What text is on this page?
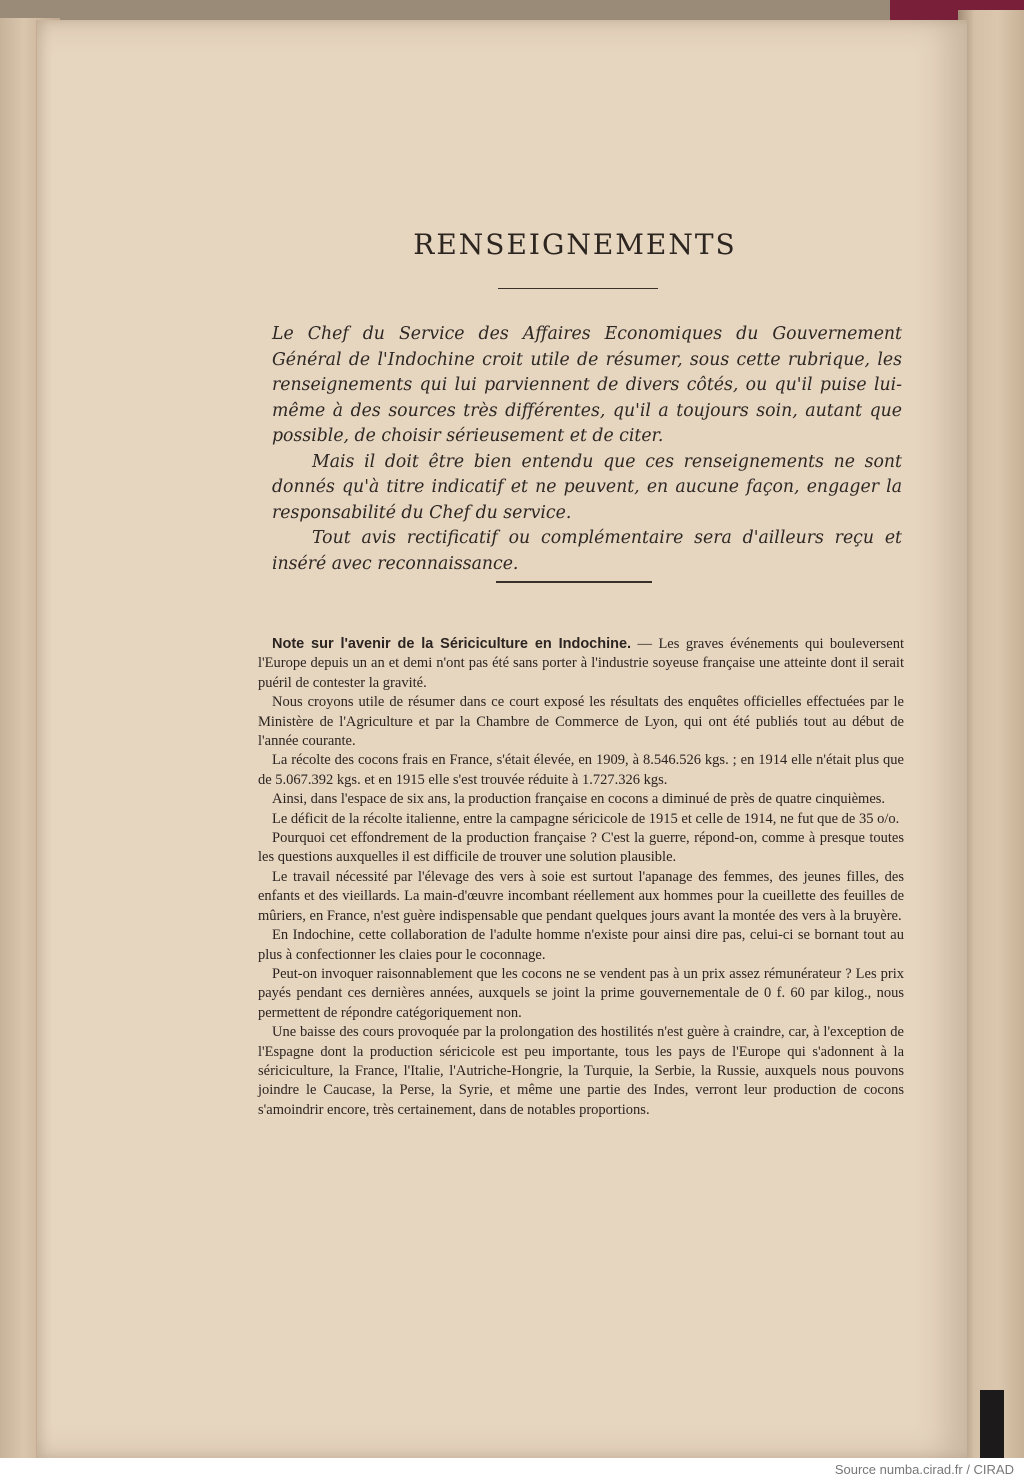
RENSEIGNEMENTS

Le Chef du Service des Affaires Economiques du Gouvernement Général de l'Indochine croit utile de résumer, sous cette rubrique, les renseignements qui lui parviennent de divers côtés, ou qu'il puise lui-même à des sources très différentes, qu'il a toujours soin, autant que possible, de choisir sérieusement et de citer.

Mais il doit être bien entendu que ces renseignements ne sont donnés qu'à titre indicatif et ne peuvent, en aucune façon, engager la responsabilité du Chef du service.

Tout avis rectificatif ou complémentaire sera d'ailleurs reçu et inséré avec reconnaissance.

Note sur l'avenir de la Sériciculture en Indochine. — Les graves événements qui bouleversent l'Europe depuis un an et demi n'ont pas été sans porter à l'industrie soyeuse française une atteinte dont il serait puéril de contester la gravité.

Nous croyons utile de résumer dans ce court exposé les résultats des enquêtes officielles effectuées par le Ministère de l'Agriculture et par la Chambre de Commerce de Lyon, qui ont été publiés tout au début de l'année courante.

La récolte des cocons frais en France, s'était élevée, en 1909, à 8.546.526 kgs. ; en 1914 elle n'était plus que de 5.067.392 kgs. et en 1915 elle s'est trouvée réduite à 1.727.326 kgs.

Ainsi, dans l'espace de six ans, la production française en cocons a diminué de près de quatre cinquièmes.

Le déficit de la récolte italienne, entre la campagne séricicole de 1915 et celle de 1914, ne fut que de 35 o/o.

Pourquoi cet effondrement de la production française ? C'est la guerre, répond-on, comme à presque toutes les questions auxquelles il est difficile de trouver une solution plausible.

Le travail nécessité par l'élevage des vers à soie est surtout l'apanage des femmes, des jeunes filles, des enfants et des vieillards. La main-d'œuvre incombant réellement aux hommes pour la cueillette des feuilles de mûriers, en France, n'est guère indispensable que pendant quelques jours avant la montée des vers à la bruyère.

En Indochine, cette collaboration de l'adulte homme n'existe pour ainsi dire pas, celui-ci se bornant tout au plus à confectionner les claies pour le coconnage.

Peut-on invoquer raisonnablement que les cocons ne se vendent pas à un prix assez rémunérateur ? Les prix payés pendant ces dernières années, auxquels se joint la prime gouvernementale de 0 f. 60 par kilog., nous permettent de répondre catégoriquement non.

Une baisse des cours provoquée par la prolongation des hostilités n'est guère à craindre, car, à l'exception de l'Espagne dont la production séricicole est peu importante, tous les pays de l'Europe qui s'adonnent à la sériciculture, la France, l'Italie, l'Autriche-Hongrie, la Turquie, la Serbie, la Russie, auxquels nous pouvons joindre le Caucase, la Perse, la Syrie, et même une partie des Indes, verront leur production de cocons s'amoindrir encore, très certainement, dans de notables proportions.

Source numba.cirad.fr / CIRAD
